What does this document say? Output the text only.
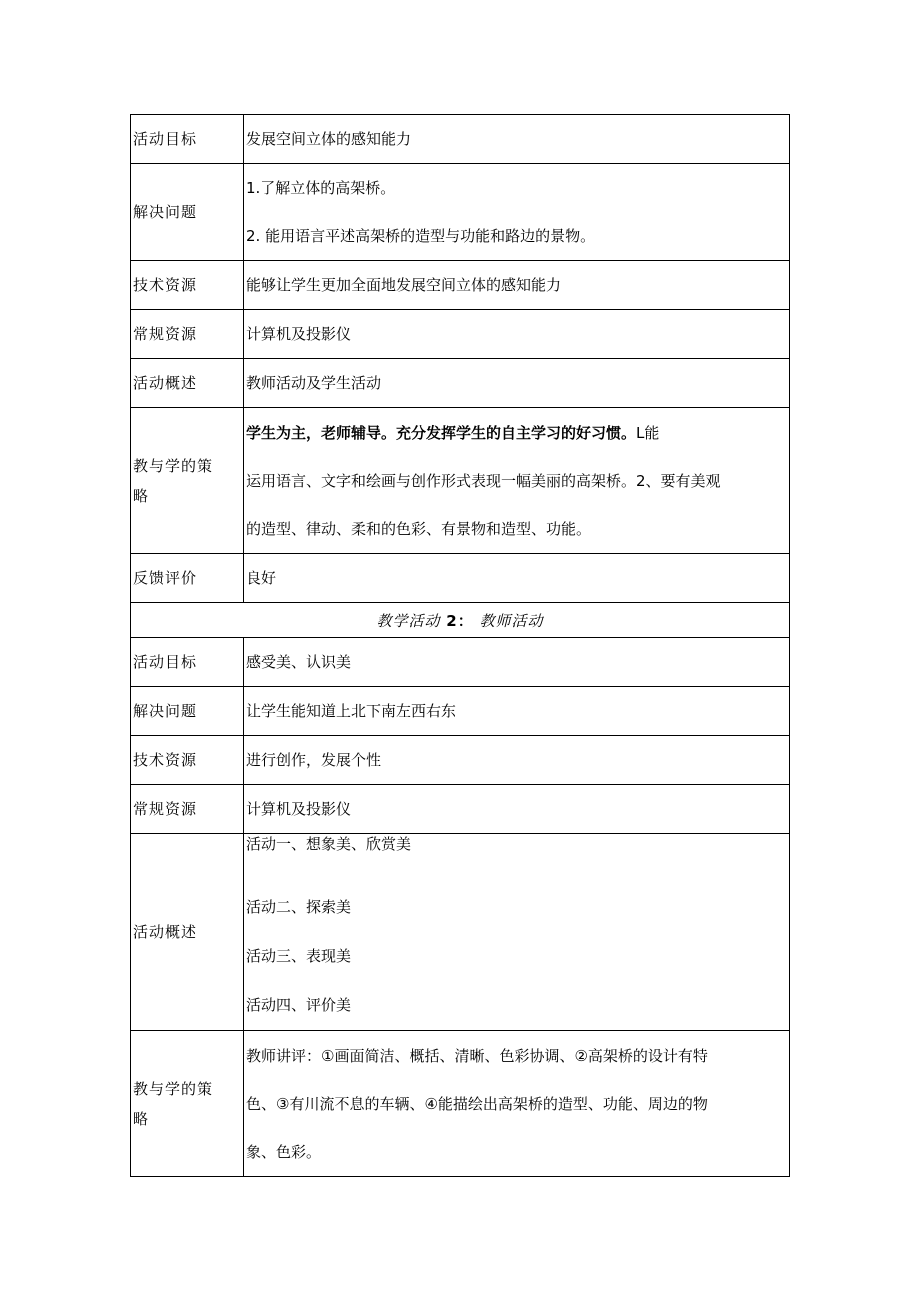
活动目标	发展空间立体的感知能力

解决问题	1.了解立体的高架桥。
2. 能用语言平述高架桥的造型与功能和路边的景物。

技术资源	能够让学生更加全面地发展空间立体的感知能力

常规资源	计算机及投影仪

活动概述	教师活动及学生活动

教与学的策
略	学生为主，老师辅导。充分发挥学生的自主学习的好习惯。L能
运用语言、文字和绘画与创作形式表现一幅美丽的高架桥。2、要有美观
的造型、律动、柔和的色彩、有景物和造型、功能。

反馈评价	良好
教学活动 2： 教师活动	
活动目标	感受美、认识美

解决问题	让学生能知道上北下南左西右东

技术资源	进行创作，发展个性

常规资源	计算机及投影仪

活动概述	活动一、想象美、欣赏美
活动二、探索美
活动三、表现美
活动四、评价美

教与学的策
略	教师讲评：①画面简洁、概括、清晰、色彩协调、②高架桥的设计有特
色、③有川流不息的车辆、④能描绘出高架桥的造型、功能、周边的物
象、色彩。
